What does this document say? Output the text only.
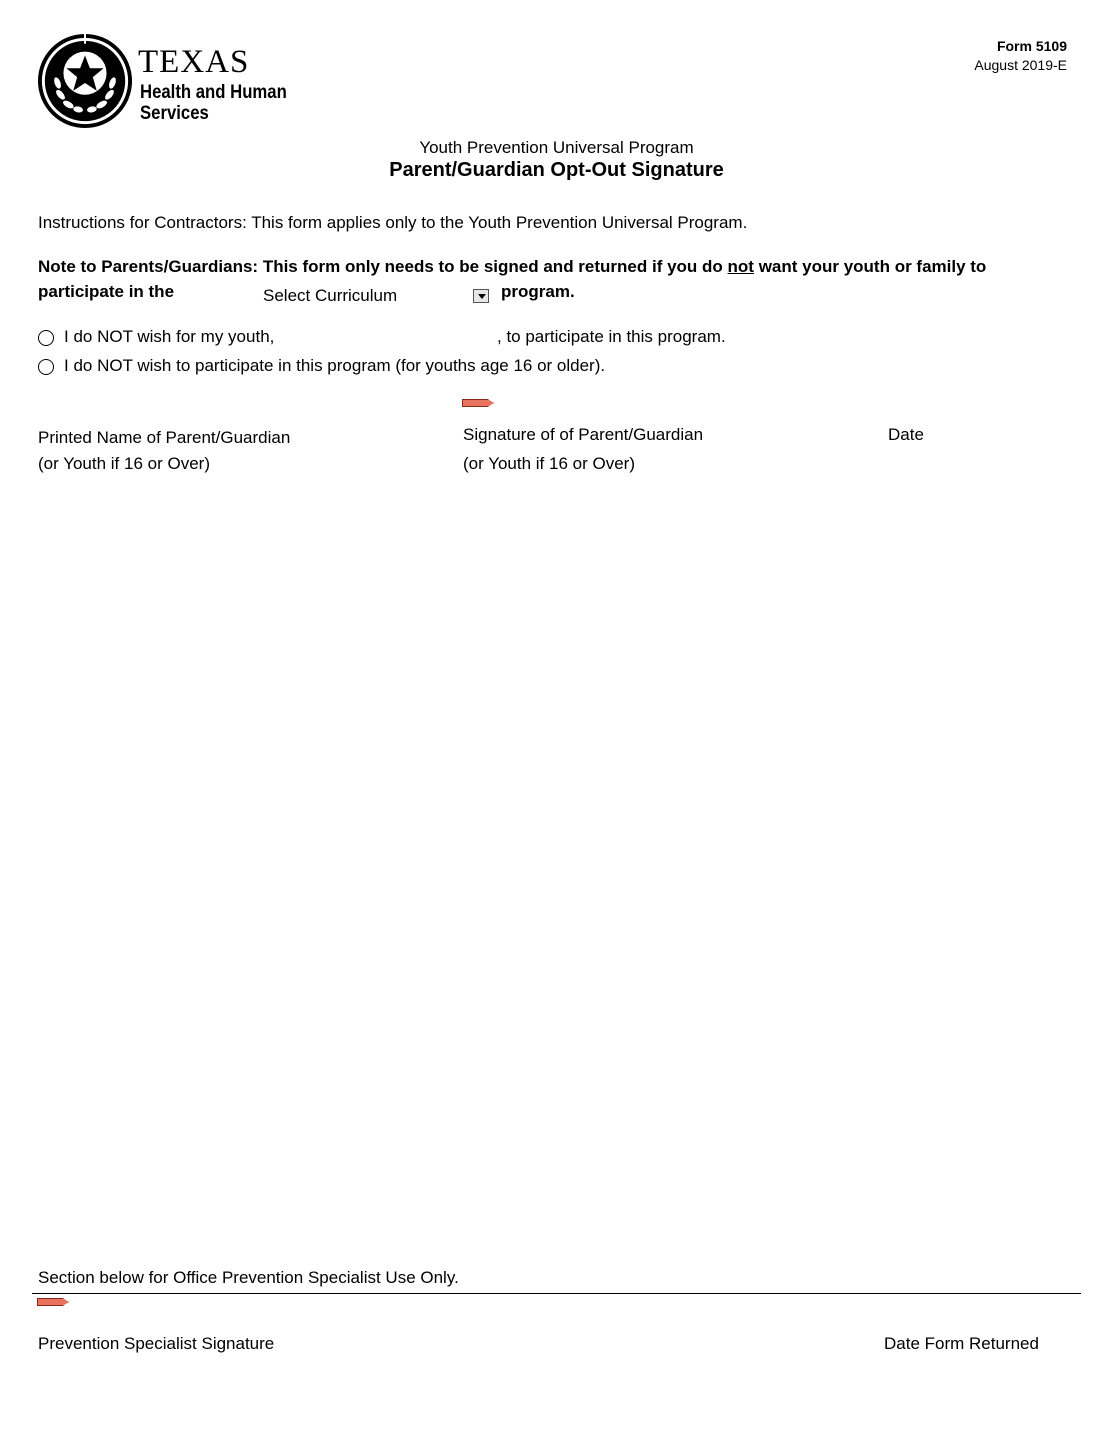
TEXAS
Health and Human
Services
Form 5109
August 2019-E
Youth Prevention Universal Program
Parent/Guardian Opt-Out Signature
Instructions for Contractors: This form applies only to the Youth Prevention Universal Program.
Note to Parents/Guardians: This form only needs to be signed and returned if you do not want your youth or family to
participate in the	Select Curriculum	program.
I do NOT wish for my youth,	, to participate in this program.
I do NOT wish to participate in this program (for youths age 16 or older).
Printed Name of Parent/Guardian
(or Youth if 16 or Over)
Signature of of Parent/Guardian
(or Youth if 16 or Over)
Date
Section below for Office Prevention Specialist Use Only.
Prevention Specialist Signature	Date Form Returned
